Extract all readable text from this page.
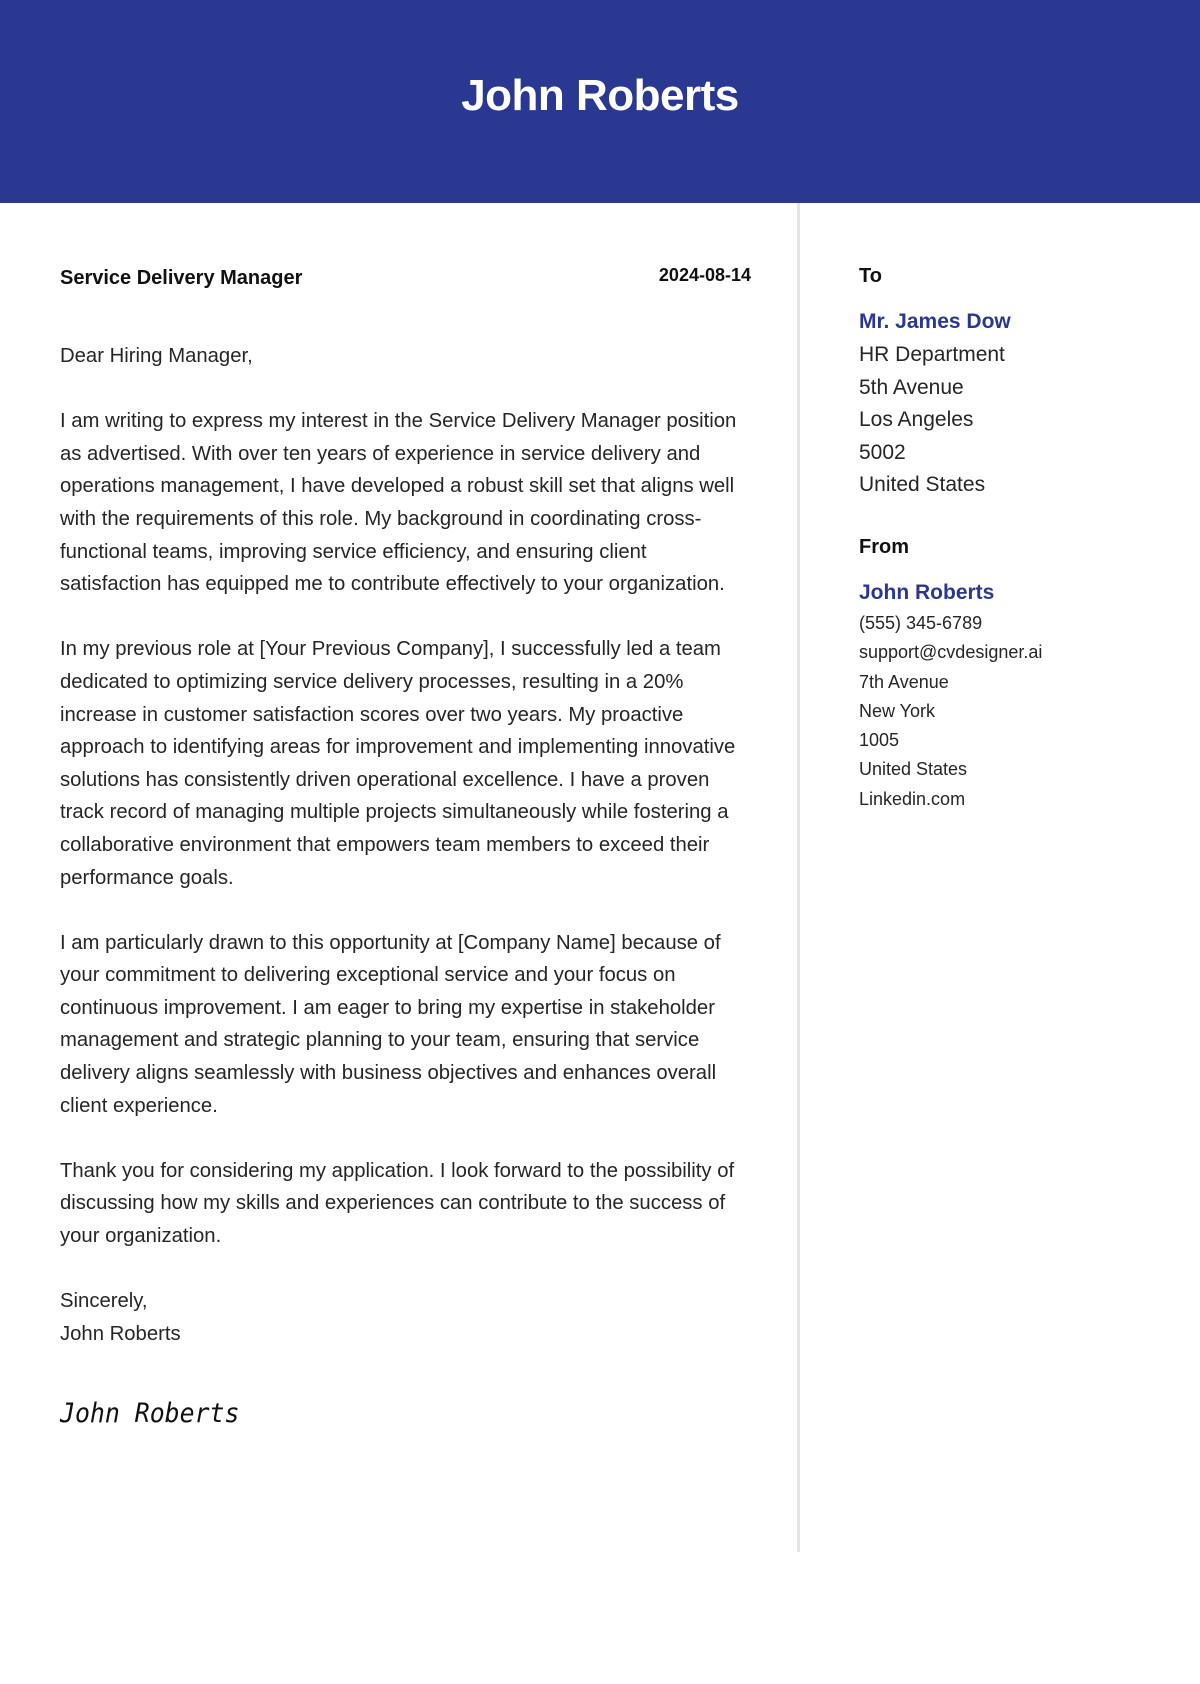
John Roberts
Service Delivery Manager	2024-08-14

Dear Hiring Manager,

I am writing to express my interest in the Service Delivery Manager position as advertised. With over ten years of experience in service delivery and operations management, I have developed a robust skill set that aligns well with the requirements of this role. My background in coordinating cross-functional teams, improving service efficiency, and ensuring client satisfaction has equipped me to contribute effectively to your organization.

In my previous role at [Your Previous Company], I successfully led a team dedicated to optimizing service delivery processes, resulting in a 20% increase in customer satisfaction scores over two years. My proactive approach to identifying areas for improvement and implementing innovative solutions has consistently driven operational excellence. I have a proven track record of managing multiple projects simultaneously while fostering a collaborative environment that empowers team members to exceed their performance goals.

I am particularly drawn to this opportunity at [Company Name] because of your commitment to delivering exceptional service and your focus on continuous improvement. I am eager to bring my expertise in stakeholder management and strategic planning to your team, ensuring that service delivery aligns seamlessly with business objectives and enhances overall client experience.

Thank you for considering my application. I look forward to the possibility of discussing how my skills and experiences can contribute to the success of your organization.

Sincerely,

John Roberts

John Roberts
To
Mr. James Dow
HR Department
5th Avenue
Los Angeles
5002
United States
From
John Roberts
(555) 345-6789
support@cvdesigner.ai
7th Avenue
New York
1005
United States
Linkedin.com
